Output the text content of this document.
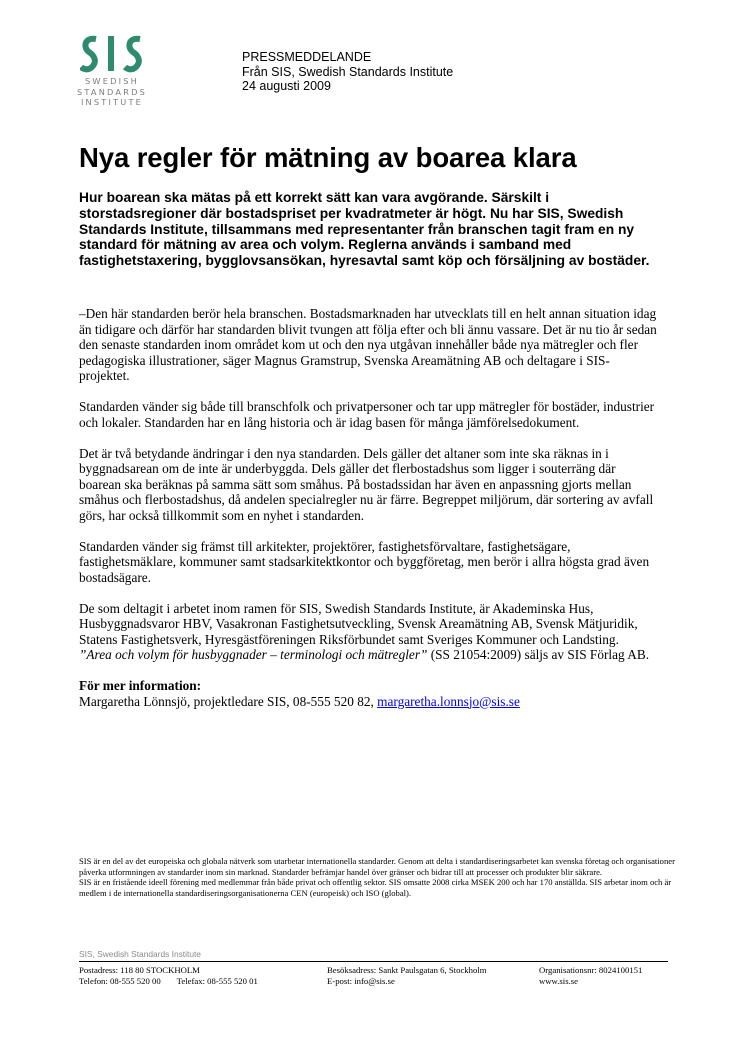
SWEDISH
STANDARDS
INSTITUTE
PRESSMEDDELANDE
Från SIS, Swedish Standards Institute
24 augusti 2009
Nya regler för mätning av boarea klara

Hur boarean ska mätas på ett korrekt sätt kan vara avgörande. Särskilt i storstadsregioner där bostadspriset per kvadratmeter är högt. Nu har SIS, Swedish Standards Institute, tillsammans med representanter från branschen tagit fram en ny standard för mätning av area och volym. Reglerna används i samband med fastighetstaxering, bygglovsansökan, hyresavtal samt köp och försäljning av bostäder.

–Den här standarden berör hela branschen. Bostadsmarknaden har utvecklats till en helt annan situation idag än tidigare och därför har standarden blivit tvungen att följa efter och bli ännu vassare. Det är nu tio år sedan den senaste standarden inom området kom ut och den nya utgåvan innehåller både nya mätregler och fler pedagogiska illustrationer, säger Magnus Gramstrup, Svenska Areamätning AB och deltagare i SIS-projektet.

Standarden vänder sig både till branschfolk och privatpersoner och tar upp mätregler för bostäder, industrier och lokaler. Standarden har en lång historia och är idag basen för många jämförelsedokument.

Det är två betydande ändringar i den nya standarden. Dels gäller det altaner som inte ska räknas in i byggnadsarean om de inte är underbyggda. Dels gäller det flerbostadshus som ligger i souterräng där boarean ska beräknas på samma sätt som småhus. På bostadssidan har även en anpassning gjorts mellan småhus och flerbostadshus, då andelen specialregler nu är färre. Begreppet miljörum, där sortering av avfall görs, har också tillkommit som en nyhet i standarden.

Standarden vänder sig främst till arkitekter, projektörer, fastighetsförvaltare, fastighetsägare, fastighetsmäklare, kommuner samt stadsarkitektkontor och byggföretag, men berör i allra högsta grad även bostadsägare.

De som deltagit i arbetet inom ramen för SIS, Swedish Standards Institute, är Akademinska Hus, Husbyggnadsvaror HBV, Vasakronan Fastighetsutveckling, Svensk Areamätning AB, Svensk Mätjuridik, Statens Fastighetsverk, Hyresgästföreningen Riksförbundet samt Sveriges Kommuner och Landsting.

”Area och volym för husbyggnader – terminologi och mätregler” (SS 21054:2009) säljs av SIS Förlag AB.

För mer information:
Margaretha Lönnsjö, projektledare SIS, 08-555 520 82, margaretha.lonnsjo@sis.se

SIS är en del av det europeiska och globala nätverk som utarbetar internationella standarder. Genom att delta i standardiseringsarbetet kan svenska företag och organisationer påverka utformningen av standarder inom sin marknad. Standarder befrämjar handel över gränser och bidrar till att processer och produkter blir säkrare.

SIS är en fristående ideell förening med medlemmar från både privat och offentlig sektor. SIS omsatte 2008 cirka MSEK 200 och har 170 anställda. SIS arbetar inom och är medlem i de internationella standardiseringsorganisationerna CEN (europeisk) och ISO (global).

SIS, Swedish Standards Institute
Postadress: 118 80 STOCKHOLM
Telefon: 08-555 520 00 Telefax: 08-555 520 01
Besöksadress: Sankt Paulsgatan 6, Stockholm
E-post: info@sis.se
Organisationsnr: 8024100151
www.sis.se
